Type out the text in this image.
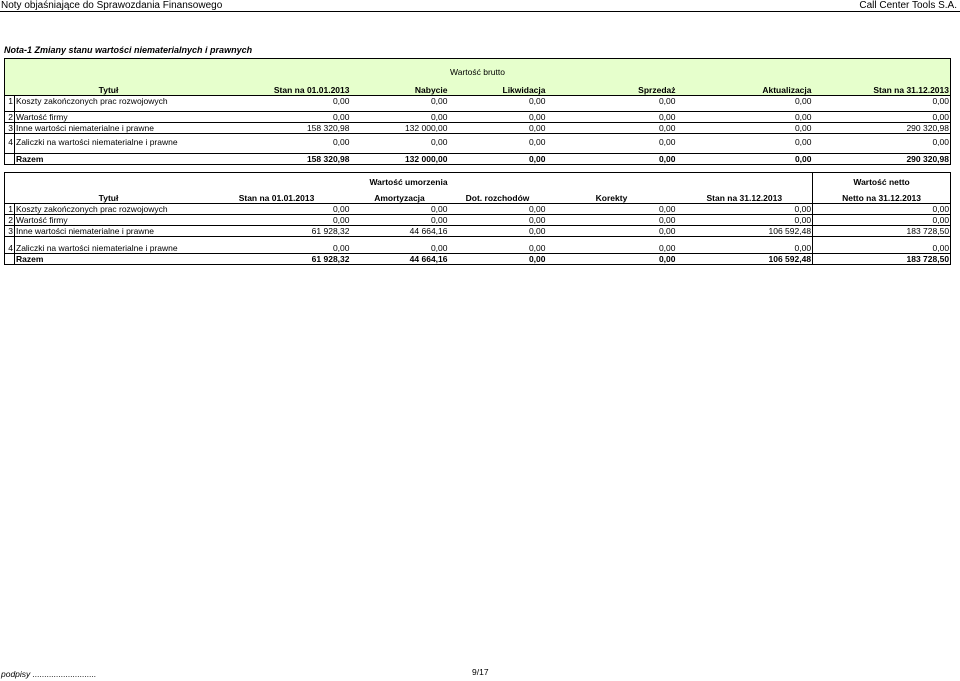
Noty objaśniające do Sprawozdania Finansowego	Call Center Tools S.A.
Nota-1 Zmiany stanu wartości niematerialnych i prawnych

Wartość brutto							

	Tytuł	Stan na 01.01.2013	Nabycie	Likwidacja	Sprzedaż	Aktualizacja	Stan na 31.12.2013
1	Koszty zakończonych prac rozwojowych	0,00	0,00	0,00	0,00	0,00	0,00

2	Wartość firmy	0,00	0,00	0,00	0,00	0,00	0,00
3	Inne wartości niematerialne i prawne	158 320,98	132 000,00	0,00	0,00	0,00	290 320,98

4	Zaliczki na wartości niematerialne i prawne	0,00	0,00	0,00	0,00	0,00	0,00

	Razem	158 320,98	132 000,00	0,00	0,00	0,00	290 320,98

Wartość umorzenia							Wartość netto

	Tytuł	Stan na 01.01.2013	Amortyzacja	Dot. rozchodów	Korekty	Stan na 31.12.2013	Netto na 31.12.2013
1	Koszty zakończonych prac rozwojowych	0,00	0,00	0,00	0,00	0,00	0,00
2	Wartość firmy	0,00	0,00	0,00	0,00	0,00	0,00
3	Inne wartości niematerialne i prawne	61 928,32	44 664,16	0,00	0,00	106 592,48	183 728,50

4	Zaliczki na wartości niematerialne i prawne	0,00	0,00	0,00	0,00	0,00	0,00
	Razem	61 928,32	44 664,16	0,00	0,00	106 592,48	183 728,50
podpisy ...........................	9/17
